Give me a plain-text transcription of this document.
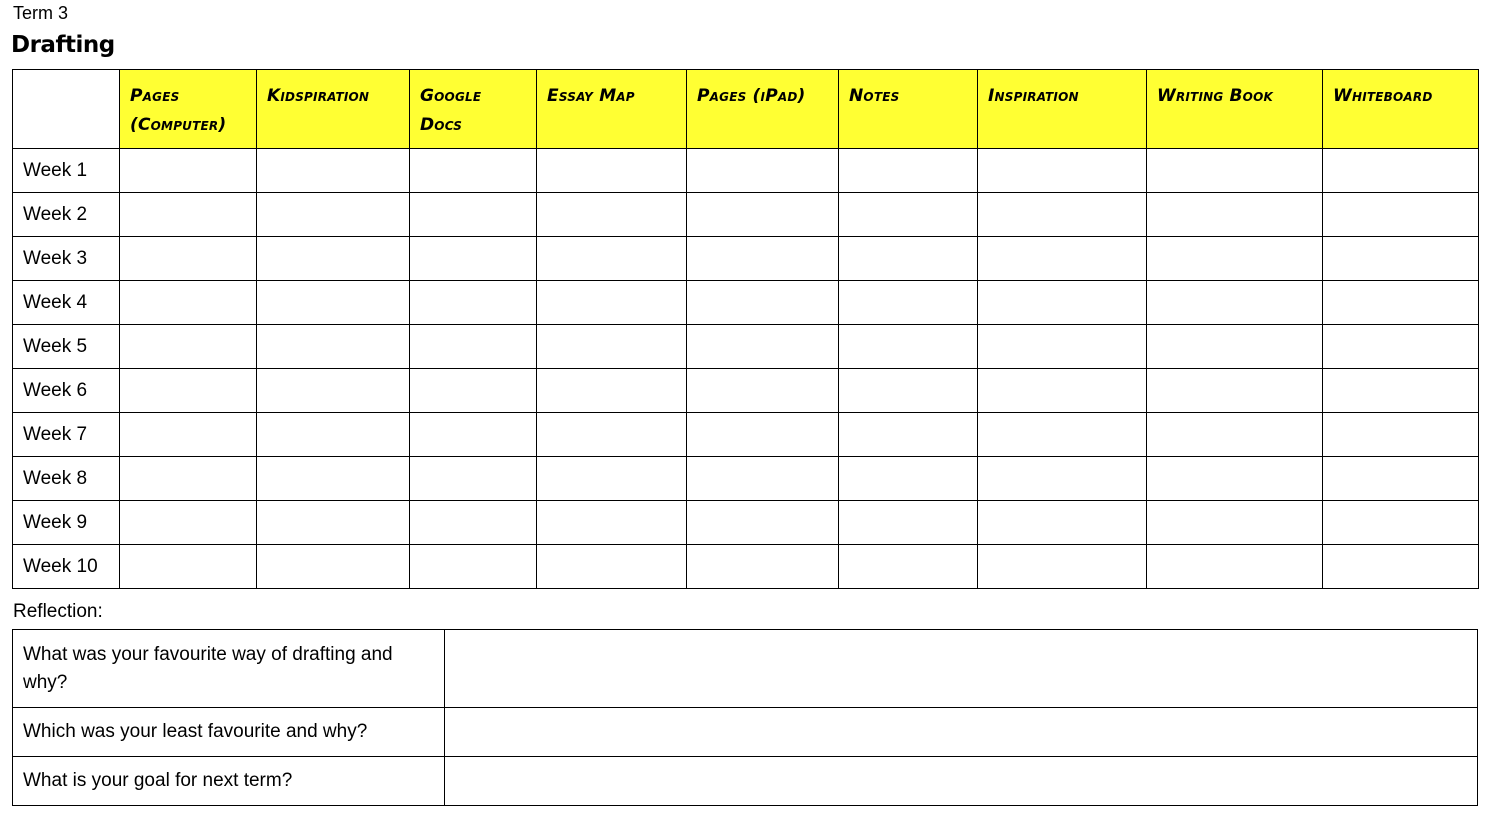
Term 3
Drafting
	Pages (Computer)	Kidspiration	Google Docs	Essay Map	Pages (iPad)	Notes	Inspiration	Writing Book	Whiteboard
Week 1									
Week 2									
Week 3									
Week 4									
Week 5									
Week 6									
Week 7									
Week 8									
Week 9									
Week 10									
Reflection:
What was your favourite way of drafting and why?	
Which was your least favourite and why?	
What is your goal for next term?	
